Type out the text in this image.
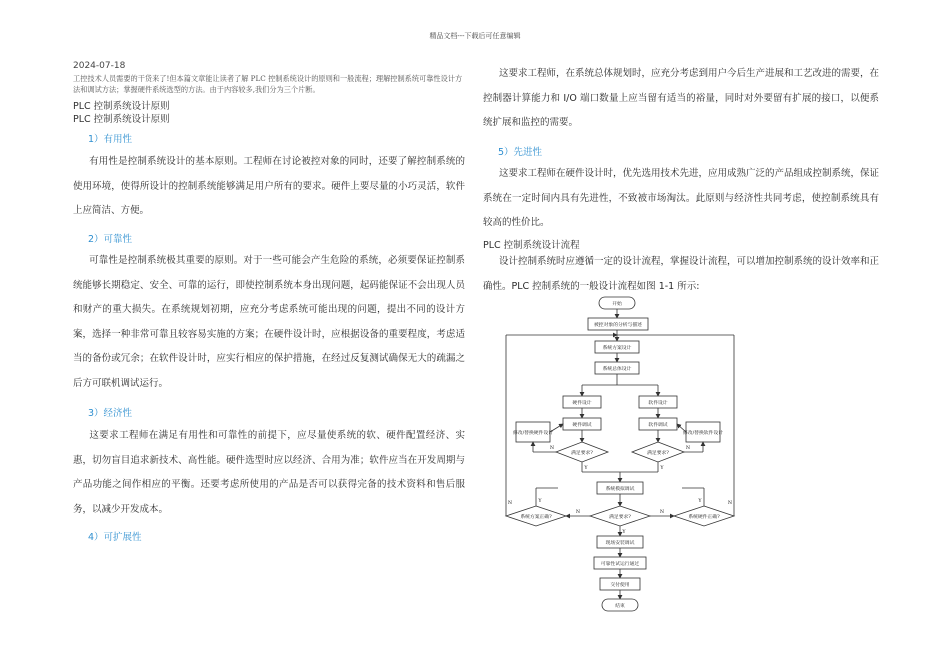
精品文档---下载后可任意编辑
2024-07-18
工控技术人员需要的干货来了!但本篇文章能让读者了解 PLC 控制系统设计的原则和一般流程；理解控制系统可靠性设计方法和调试方法；掌握硬件系统选型的方法。由于内容较多,我们分为三个片断。
PLC 控制系统设计原则
PLC 控制系统设计原则
1）有用性
有用性是控制系统设计的基本原则。工程师在讨论被控对象的同时，还要了解控制系统的使用环境，使得所设计的控制系统能够满足用户所有的要求。硬件上要尽量的小巧灵活，软件上应简洁、方便。
2）可靠性
可靠性是控制系统极其重要的原则。对于一些可能会产生危险的系统，必须要保证控制系统能够长期稳定、安全、可靠的运行，即使控制系统本身出现问题，起码能保证不会出现人员和财产的重大损失。在系统规划初期，应充分考虑系统可能出现的问题，提出不同的设计方案，选择一种非常可靠且较容易实施的方案；在硬件设计时，应根据设备的重要程度，考虑适当的备份或冗余；在软件设计时，应实行相应的保护措施，在经过反复测试确保无大的疏漏之后方可联机调试运行。
3）经济性
这要求工程师在满足有用性和可靠性的前提下，应尽量使系统的软、硬件配置经济、实惠，切勿盲目追求新技术、高性能。硬件选型时应以经济、合用为准；软件应当在开发周期与产品功能之间作相应的平衡。还要考虑所使用的产品是否可以获得完备的技术资料和售后服务，以减少开发成本。
4）可扩展性
这要求工程师，在系统总体规划时，应充分考虑到用户今后生产进展和工艺改进的需要，在控制器计算能力和 I/O 端口数量上应当留有适当的裕量，同时对外要留有扩展的接口，以便系统扩展和监控的需要。
5）先进性
这要求工程师在硬件设计时，优先选用技术先进，应用成熟广泛的产品组成控制系统，保证系统在一定时间内具有先进性，不致被市场淘汰。此原则与经济性共同考虑，使控制系统具有较高的性价比。
PLC 控制系统设计流程
设计控制系统时应遵循一定的设计流程，掌握设计流程，可以增加控制系统的设计效率和正确性。PLC 控制系统的一般设计流程如图 1-1 所示:
开始
被控对象的分析与描述
系统方案设计
系统总体设计
硬件设计	软件设计
硬件调试	软件调试
修改/替换硬件设计	修改/替换软件设计
满足要求?	满足要求?
系统模拟调试
系统方案正确?	满足要求?	系统硬件正确?
现场安装调试
可靠性试运行通过
交付使用
结束
Y	Y
N	N
N	N
Y
N	Y	N
Y
